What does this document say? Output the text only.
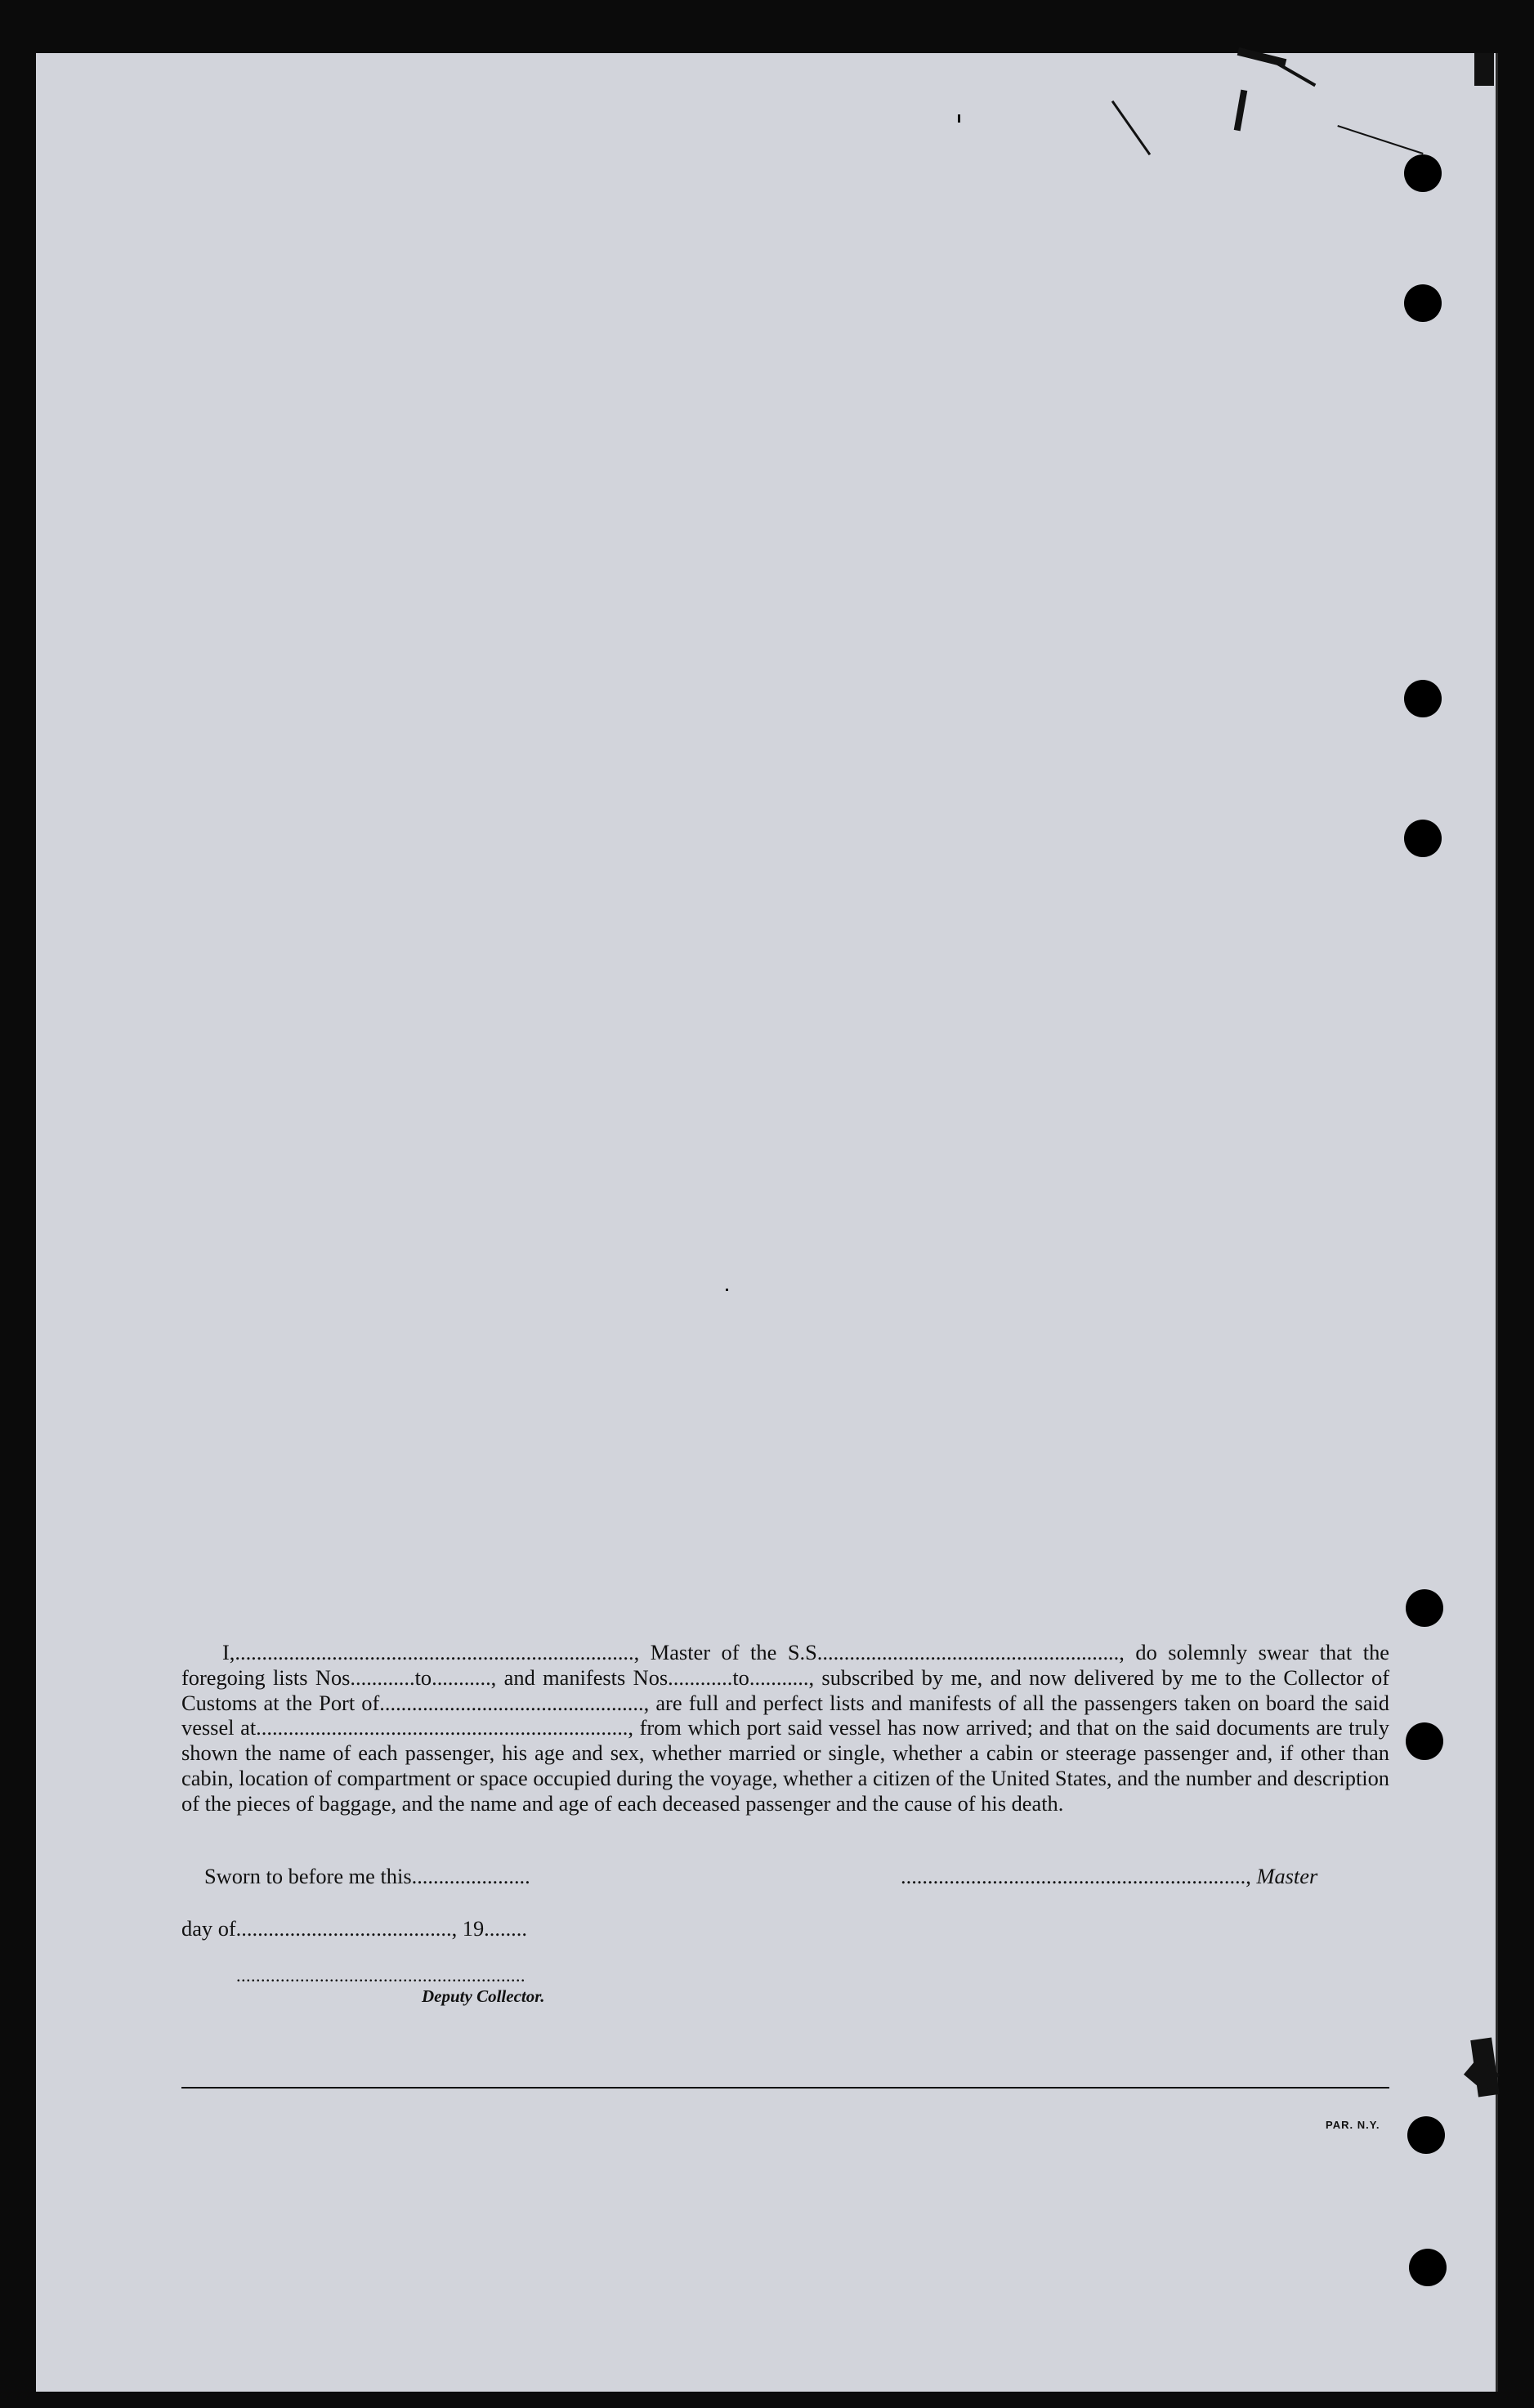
I,.........................................................................., Master of the S.S........................................................, do solemnly swear that the foregoing lists Nos............to..........., and manifests Nos............to..........., subscribed by me, and now delivered by me to the Collector of Customs at the Port of................................................., are full and perfect lists and manifests of all the passengers taken on board the said vessel at....................................................................., from which port said vessel has now arrived; and that on the said documents are truly shown the name of each passenger, his age and sex, whether married or single, whether a cabin or steerage passenger and, if other than cabin, location of compartment or space occupied during the voyage, whether a citizen of the United States, and the number and description of the pieces of baggage, and the name and age of each deceased passenger and the cause of his death.

Sworn to before me this......................
day of........................................, 19........
................................................................, Master
...........................................................
Deputy Collector.
PAR. N.Y.
